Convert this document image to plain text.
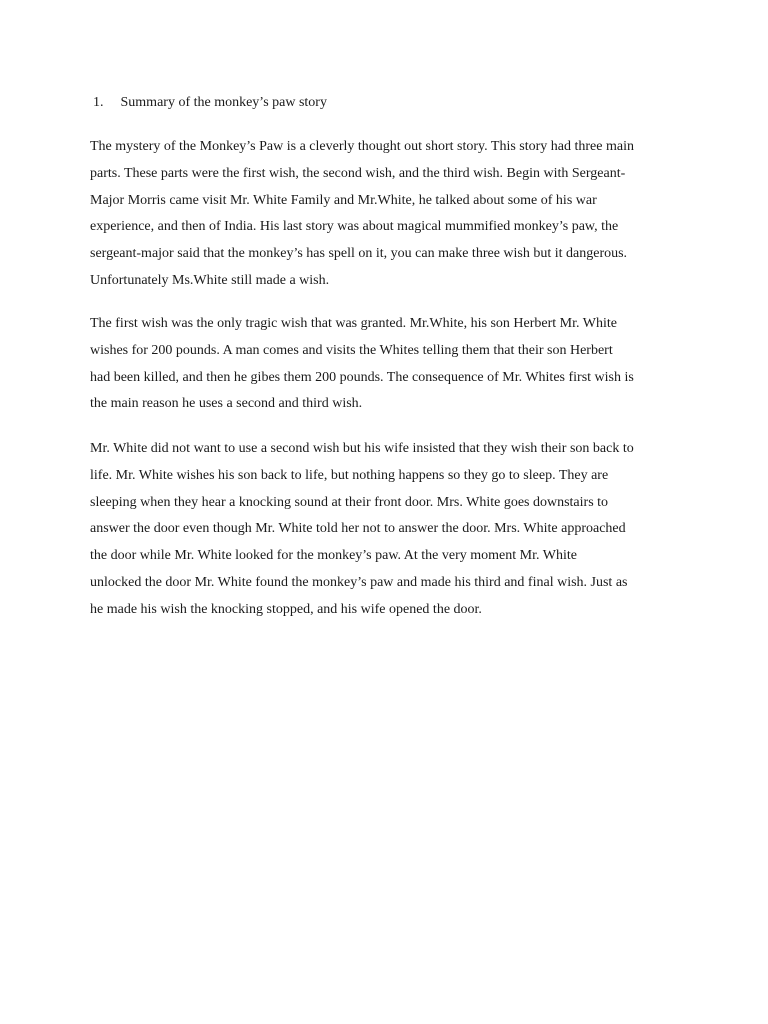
1. Summary of the monkey’s paw story

The mystery of the Monkey’s Paw is a cleverly thought out short story. This story had three main
parts. These parts were the first wish, the second wish, and the third wish. Begin with Sergeant-
Major Morris came visit Mr. White Family and Mr.White, he talked about some of his war
experience, and then of India. His last story was about magical mummified monkey’s paw, the
sergeant-major said that the monkey’s has spell on it, you can make three wish but it dangerous.
Unfortunately Ms.White still made a wish.

The first wish was the only tragic wish that was granted. Mr.White, his son Herbert Mr. White
wishes for 200 pounds. A man comes and visits the Whites telling them that their son Herbert
had been killed, and then he gibes them 200 pounds. The consequence of Mr. Whites first wish is
the main reason he uses a second and third wish.

Mr. White did not want to use a second wish but his wife insisted that they wish their son back to
life. Mr. White wishes his son back to life, but nothing happens so they go to sleep. They are
sleeping when they hear a knocking sound at their front door. Mrs. White goes downstairs to
answer the door even though Mr. White told her not to answer the door. Mrs. White approached
the door while Mr. White looked for the monkey’s paw. At the very moment Mr. White
unlocked the door Mr. White found the monkey’s paw and made his third and final wish. Just as
he made his wish the knocking stopped, and his wife opened the door.
